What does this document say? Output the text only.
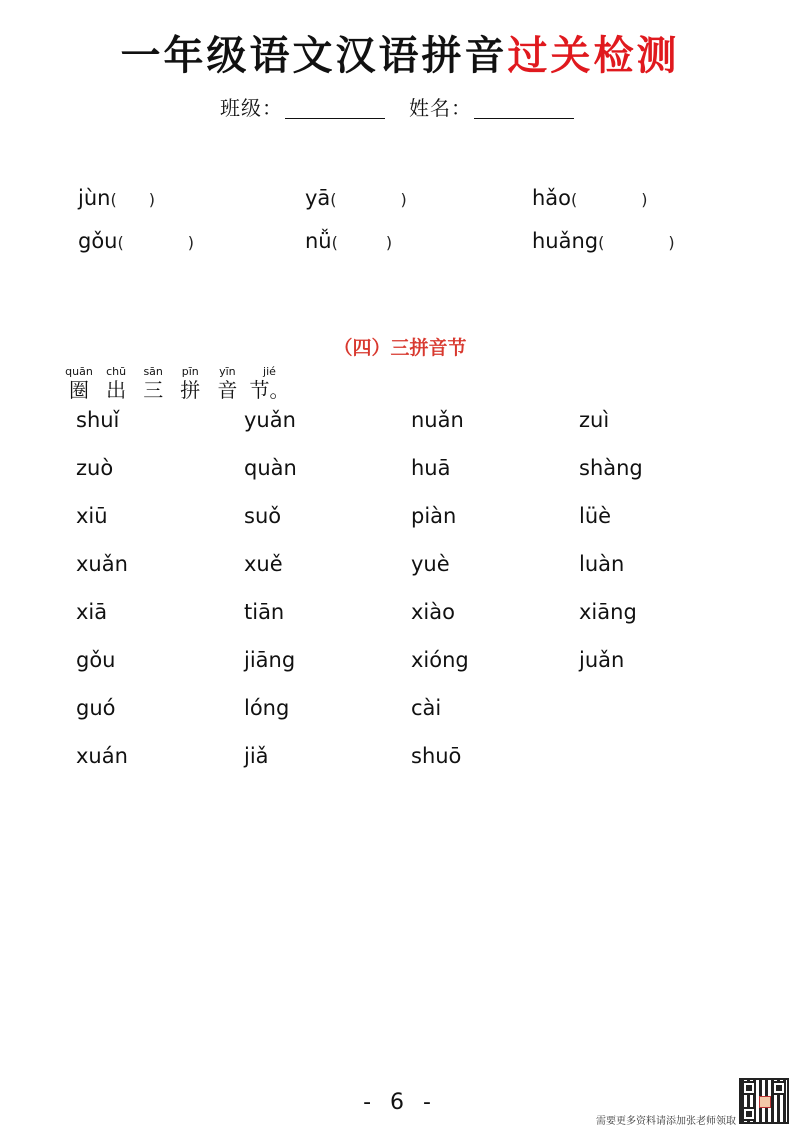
一年级语文汉语拼音过关检测
班级：	姓名：
jùn(　　)	yā(　　　　)	hǎo(　　　　)
gǒu(　　　　)	nǚ(　　　)	huǎng(　　　　)
（四）三拼音节
quān
圈

chū
出

sān
三

pīn
拼

yīn
音

jié
节。
shuǐ	yuǎn	nuǎn	zuì
zuò	quàn	huā	shàng
xiū	suǒ	piàn	lüè
xuǎn	xuě	yuè	luàn
xiā	tiān	xiào	xiāng
gǒu	jiāng	xióng	juǎn
guó	lóng	cài
xuán	jiǎ	shuō
- 6 -
需要更多资料请添加张老师领取
